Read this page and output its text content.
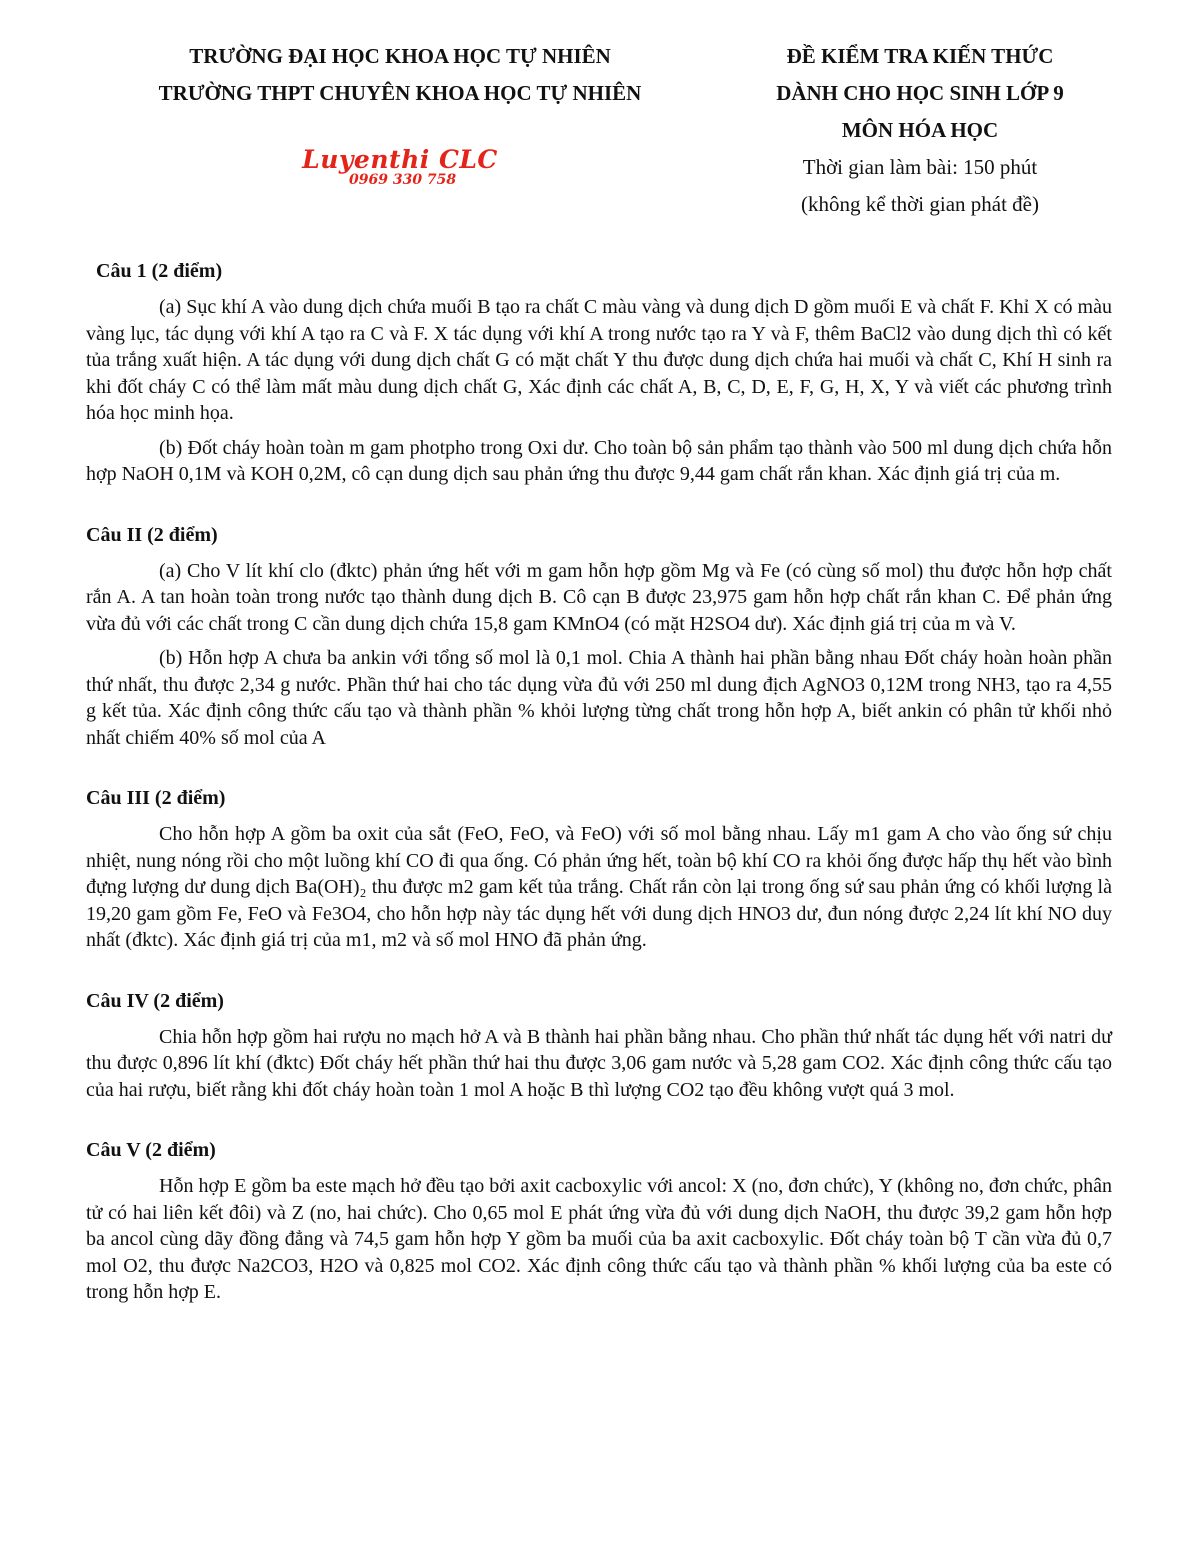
TRƯỜNG ĐẠI HỌC KHOA HỌC TỰ NHIÊN
TRƯỜNG THPT CHUYÊN KHOA HỌC TỰ NHIÊN
ĐỀ KIỂM TRA KIẾN THỨC
DÀNH CHO HỌC SINH LỚP 9
MÔN HÓA HỌC
Thời gian làm bài: 150 phút
(không kể thời gian phát đề)
Luyenthi CLC
0969 330 758
Câu 1 (2 điểm)

(a) Sục khí A vào dung dịch chứa muối B tạo ra chất C màu vàng và dung dịch D gồm muối E và chất F. Khỉ X có màu vàng lục, tác dụng với khí A tạo ra C và F. X tác dụng với khí A trong nước tạo ra Y và F, thêm BaCl2 vào dung dịch thì có kết tủa trắng xuất hiện. A tác dụng với dung dịch chất G có mặt chất Y thu được dung dịch chứa hai muối và chất C, Khí H sinh ra khi đốt cháy C có thể làm mất màu dung dịch chất G, Xác định các chất A, B, C, D, E, F, G, H, X, Y và viết các phương trình hóa học minh họa.

(b) Đốt cháy hoàn toàn m gam photpho trong Oxi dư. Cho toàn bộ sản phẩm tạo thành vào 500 ml dung dịch chứa hỗn hợp NaOH 0,1M và KOH 0,2M, cô cạn dung dịch sau phản ứng thu được 9,44 gam chất rắn khan. Xác định giá trị của m.

Câu II (2 điểm)

(a) Cho V lít khí clo (đktc) phản ứng hết với m gam hỗn hợp gồm Mg và Fe (có cùng số mol) thu được hỗn hợp chất rắn A. A tan hoàn toàn trong nước tạo thành dung dịch B. Cô cạn B được 23,975 gam hỗn hợp chất rắn khan C. Để phản ứng vừa đủ với các chất trong C cần dung dịch chứa 15,8 gam KMnO4 (có mặt H2SO4 dư). Xác định giá trị của m và V.

(b) Hỗn hợp A chưa ba ankin với tổng số mol là 0,1 mol. Chia A thành hai phần bằng nhau Đốt cháy hoàn hoàn phần thứ nhất, thu được 2,34 g nước. Phần thứ hai cho tác dụng vừa đủ với 250 ml dung địch AgNO3 0,12M trong NH3, tạo ra 4,55 g kết tủa. Xác định công thức cấu tạo và thành phần % khỏi lượng từng chất trong hỗn hợp A, biết ankin có phân tử khối nhỏ nhất chiếm 40% số mol của A

Câu III (2 điểm)

Cho hỗn hợp A gồm ba oxit của sắt (FeO, FeO, và FeO) với số mol bằng nhau. Lấy m1 gam A cho vào ống sứ chịu nhiệt, nung nóng rồi cho một luồng khí CO đi qua ống. Có phản ứng hết, toàn bộ khí CO ra khỏi ống được hấp thụ hết vào bình đựng lượng dư dung dịch Ba(OH)₂ thu được m2 gam kết tủa trắng. Chất rắn còn lại trong ống sứ sau phản ứng có khối lượng là 19,20 gam gồm Fe, FeO và Fe3O4, cho hỗn hợp này tác dụng hết với dung dịch HNO3 dư, đun nóng được 2,24 lít khí NO duy nhất (đktc). Xác định giá trị của m1, m2 và số mol HNO đã phản ứng.

Câu IV (2 điểm)

Chia hỗn hợp gồm hai rượu no mạch hở A và B thành hai phần bằng nhau. Cho phần thứ nhất tác dụng hết với natri dư thu được 0,896 lít khí (đktc) Đốt cháy hết phần thứ hai thu được 3,06 gam nước và 5,28 gam CO2. Xác định công thức cấu tạo của hai rượu, biết rằng khi đốt cháy hoàn toàn 1 mol A hoặc B thì lượng CO2 tạo đều không vượt quá 3 mol.

Câu V (2 điểm)

Hỗn hợp E gồm ba este mạch hở đều tạo bởi axit cacboxylic với ancol: X (no, đơn chức), Y (không no, đơn chức, phân tử có hai liên kết đôi) và Z (no, hai chức). Cho 0,65 mol E phát ứng vừa đủ với dung dịch NaOH, thu được 39,2 gam hỗn hợp ba ancol cùng dãy đồng đẳng và 74,5 gam hỗn hợp Y gồm ba muối của ba axit cacboxylic. Đốt cháy toàn bộ T cần vừa đủ 0,7 mol O2, thu được Na2CO3, H2O và 0,825 mol CO2. Xác định công thức cấu tạo và thành phần % khối lượng của ba este có trong hỗn hợp E.
